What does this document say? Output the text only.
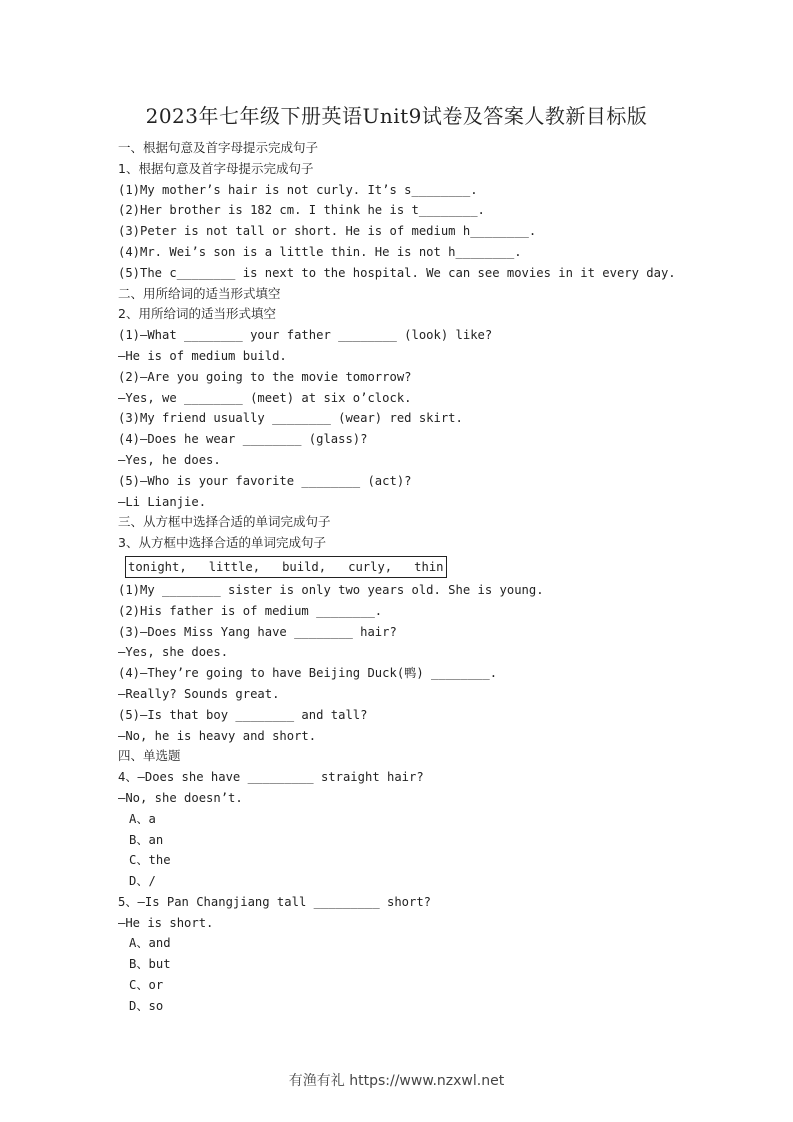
2023年七年级下册英语Unit9试卷及答案人教新目标版
一、根据句意及首字母提示完成句子
1、根据句意及首字母提示完成句子
(1)My mother’s hair is not curly. It’s s________.
(2)Her brother is 182 cm. I think he is t________.
(3)Peter is not tall or short. He is of medium h________.
(4)Mr. Wei’s son is a little thin. He is not h________.
(5)The c________ is next to the hospital. We can see movies in it every day.
二、用所给词的适当形式填空
2、用所给词的适当形式填空
(1)—What ________ your father ________ (look) like?
—He is of medium build.
(2)—Are you going to the movie tomorrow?
—Yes, we ________ (meet) at six o’clock.
(3)My friend usually ________ (wear) red skirt.
(4)—Does he wear ________ (glass)?
—Yes, he does.
(5)—Who is your favorite ________ (act)?
—Li Lianjie.
三、从方框中选择合适的单词完成句子
3、从方框中选择合适的单词完成句子
tonight,   little,   build,   curly,   thin
(1)My ________ sister is only two years old. She is young.
(2)His father is of medium ________.
(3)—Does Miss Yang have ________ hair?
—Yes, she does.
(4)—They’re going to have Beijing Duck(鸭) ________.
—Really? Sounds great.
(5)—Is that boy ________ and tall?
—No, he is heavy and short.
四、单选题
4、—Does she have _________ straight hair?
—No, she doesn’t.
A、a
B、an
C、the
D、/
5、—Is Pan Changjiang tall _________ short?
—He is short.
A、and
B、but
C、or
D、so
有渔有礼 https://www.nzxwl.net
